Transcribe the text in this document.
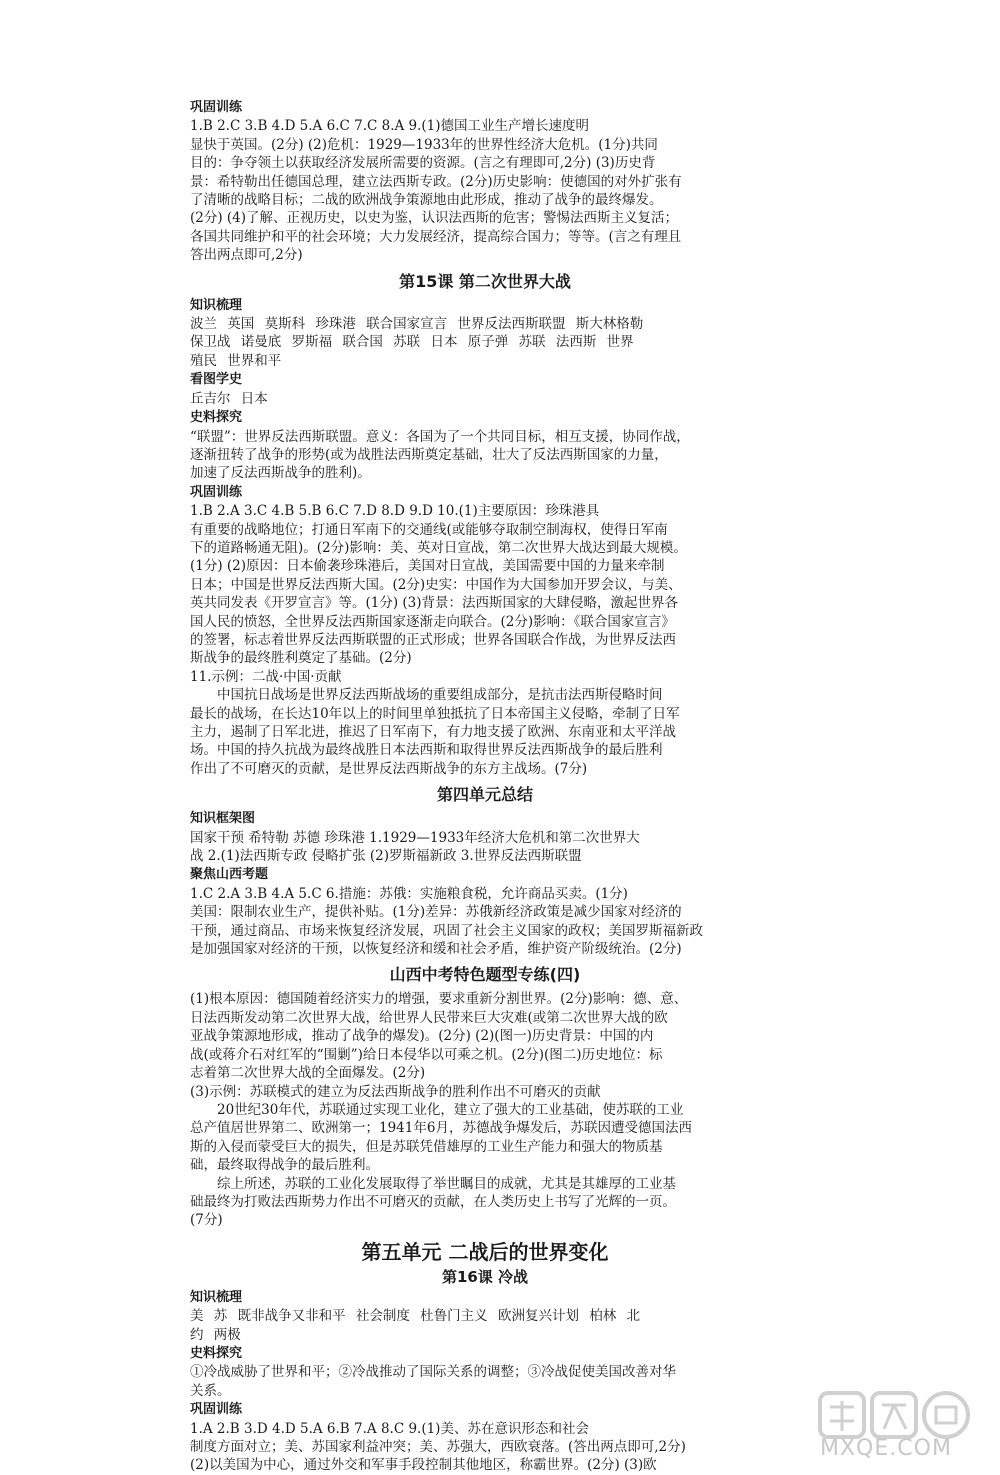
巩固训练
1.B 2.C 3.B 4.D 5.A 6.C 7.C 8.A 9.(1)德国工业生产增长速度明
显快于英国。(2分) (2)危机：1929—1933年的世界性经济大危机。(1分)共同
目的：争夺领土以获取经济发展所需要的资源。(言之有理即可,2分) (3)历史背
景：希特勒出任德国总理，建立法西斯专政。(2分)历史影响：使德国的对外扩张有
了清晰的战略目标；二战的欧洲战争策源地由此形成，推动了战争的最终爆发。
(2分) (4)了解、正视历史，以史为鉴，认识法西斯的危害；警惕法西斯主义复活；
各国共同维护和平的社会环境；大力发展经济，提高综合国力；等等。(言之有理且
答出两点即可,2分)
第15课 第二次世界大战
知识梳理
波兰 英国 莫斯科 珍珠港 联合国家宣言 世界反法西斯联盟 斯大林格勒
保卫战 诺曼底 罗斯福 联合国 苏联 日本 原子弹 苏联 法西斯 世界
殖民 世界和平
看图学史
丘吉尔 日本
史料探究
“联盟”：世界反法西斯联盟。意义：各国为了一个共同目标，相互支援，协同作战，
逐渐扭转了战争的形势(或为战胜法西斯奠定基础，壮大了反法西斯国家的力量，
加速了反法西斯战争的胜利)。
巩固训练
1.B 2.A 3.C 4.B 5.B 6.C 7.D 8.D 9.D 10.(1)主要原因：珍珠港具
有重要的战略地位；打通日军南下的交通线(或能够夺取制空制海权，使得日军南
下的道路畅通无阻)。(2分)影响：美、英对日宣战，第二次世界大战达到最大规模。
(1分) (2)原因：日本偷袭珍珠港后，美国对日宣战，美国需要中国的力量来牵制
日本；中国是世界反法西斯大国。(2分)史实：中国作为大国参加开罗会议，与美、
英共同发表《开罗宣言》等。(1分) (3)背景：法西斯国家的大肆侵略，激起世界各
国人民的愤怒，全世界反法西斯国家逐渐走向联合。(2分)影响：《联合国家宣言》
的签署，标志着世界反法西斯联盟的正式形成；世界各国联合作战，为世界反法西
斯战争的最终胜利奠定了基础。(2分)
11.示例：二战·中国·贡献
中国抗日战场是世界反法西斯战场的重要组成部分，是抗击法西斯侵略时间
最长的战场，在长达10年以上的时间里单独抵抗了日本帝国主义侵略，牵制了日军
主力，遏制了日军北进，推迟了日军南下，有力地支援了欧洲、东南亚和太平洋战
场。中国的持久抗战为最终战胜日本法西斯和取得世界反法西斯战争的最后胜利
作出了不可磨灭的贡献，是世界反法西斯战争的东方主战场。(7分)
第四单元总结
知识框架图
国家干预 希特勒 苏德 珍珠港 1.1929—1933年经济大危机和第二次世界大
战 2.(1)法西斯专政 侵略扩张 (2)罗斯福新政 3.世界反法西斯联盟
聚焦山西考题
1.C 2.A 3.B 4.A 5.C 6.措施：苏俄：实施粮食税，允许商品买卖。(1分)
美国：限制农业生产，提供补贴。(1分)差异：苏俄新经济政策是减少国家对经济的
干预，通过商品、市场来恢复经济发展，巩固了社会主义国家的政权；美国罗斯福新政
是加强国家对经济的干预，以恢复经济和缓和社会矛盾，维护资产阶级统治。(2分)
山西中考特色题型专练(四)
(1)根本原因：德国随着经济实力的增强，要求重新分割世界。(2分)影响：德、意、
日法西斯发动第二次世界大战，给世界人民带来巨大灾难(或第二次世界大战的欧
亚战争策源地形成，推动了战争的爆发)。(2分) (2)(图一)历史背景：中国的内
战(或蒋介石对红军的“围剿”)给日本侵华以可乘之机。(2分)(图二)历史地位：标
志着第二次世界大战的全面爆发。(2分)
(3)示例：苏联模式的建立为反法西斯战争的胜利作出不可磨灭的贡献
20世纪30年代，苏联通过实现工业化，建立了强大的工业基础，使苏联的工业
总产值居世界第二、欧洲第一；1941年6月，苏德战争爆发后，苏联因遭受德国法西
斯的入侵而蒙受巨大的损失，但是苏联凭借雄厚的工业生产能力和强大的物质基
础，最终取得战争的最后胜利。
综上所述，苏联的工业化发展取得了举世瞩目的成就，尤其是其雄厚的工业基
础最终为打败法西斯势力作出不可磨灭的贡献，在人类历史上书写了光辉的一页。
(7分)
第五单元 二战后的世界变化
第16课 冷战
知识梳理
美 苏 既非战争又非和平 社会制度 杜鲁门主义 欧洲复兴计划 柏林 北
约 两极
史料探究
①冷战威胁了世界和平；②冷战推动了国际关系的调整；③冷战促使美国改善对华
关系。
巩固训练
1.A 2.B 3.D 4.D 5.A 6.B 7.A 8.C 9.(1)美、苏在意识形态和社会
制度方面对立；美、苏国家利益冲突；美、苏强大，西欧衰落。(答出两点即可,2分)
(2)以美国为中心，通过外交和军事手段控制其他地区，称霸世界。(2分) (3)欧
MXQE.COM
